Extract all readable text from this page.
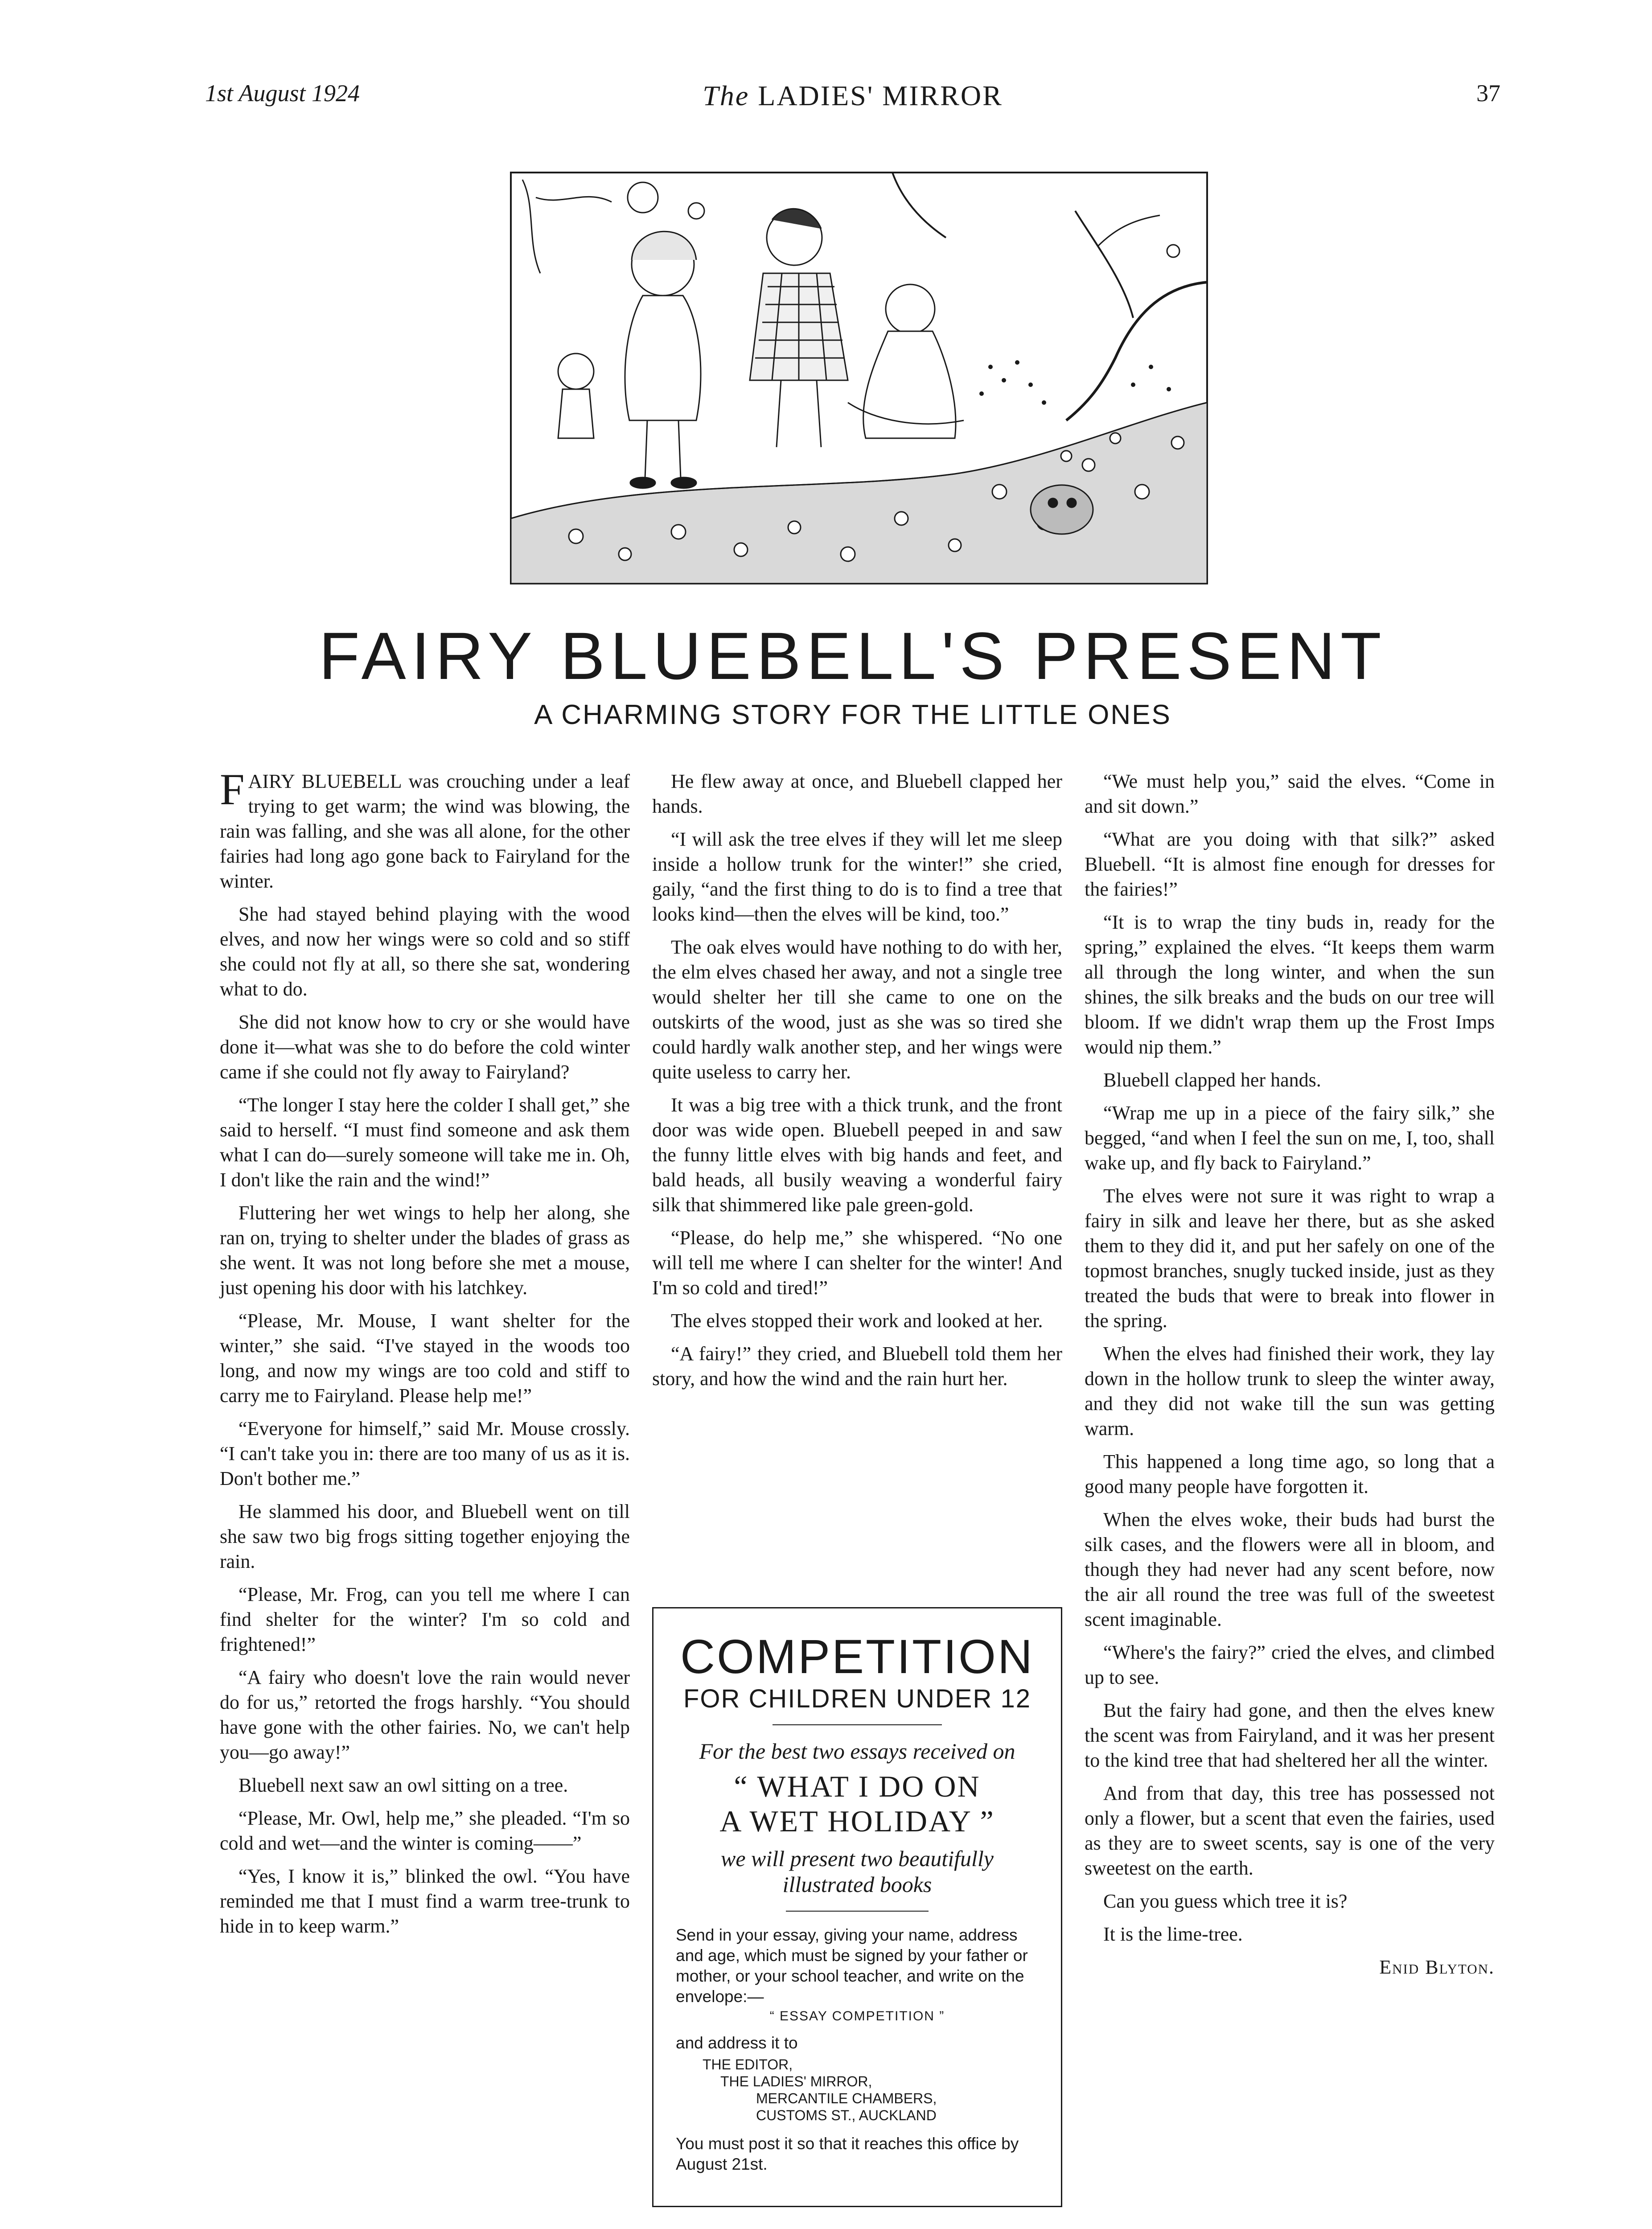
1st August 1924	The LADIES' MIRROR	37
FAIRY BLUEBELL'S PRESENT
A CHARMING STORY FOR THE LITTLE ONES

FAIRY BLUEBELL was crouching under a leaf trying to get warm; the wind was blowing, the rain was falling, and she was all alone, for the other fairies had long ago gone back to Fairyland for the winter.

She had stayed behind playing with the wood elves, and now her wings were so cold and so stiff she could not fly at all, so there she sat, wondering what to do.

She did not know how to cry or she would have done it—what was she to do before the cold winter came if she could not fly away to Fairyland?

“The longer I stay here the colder I shall get,” she said to herself. “I must find someone and ask them what I can do—surely someone will take me in. Oh, I don't like the rain and the wind!”

Fluttering her wet wings to help her along, she ran on, trying to shelter under the blades of grass as she went. It was not long before she met a mouse, just opening his door with his latchkey.

“Please, Mr. Mouse, I want shelter for the winter,” she said. “I've stayed in the woods too long, and now my wings are too cold and stiff to carry me to Fairyland. Please help me!”

“Everyone for himself,” said Mr. Mouse crossly. “I can't take you in: there are too many of us as it is. Don't bother me.”

He slammed his door, and Bluebell went on till she saw two big frogs sitting together enjoying the rain.

“Please, Mr. Frog, can you tell me where I can find shelter for the winter? I'm so cold and frightened!”

“A fairy who doesn't love the rain would never do for us,” retorted the frogs harshly. “You should have gone with the other fairies. No, we can't help you—go away!”

Bluebell next saw an owl sitting on a tree.

“Please, Mr. Owl, help me,” she pleaded. “I'm so cold and wet—and the winter is coming——”

“Yes, I know it is,” blinked the owl. “You have reminded me that I must find a warm tree-trunk to hide in to keep warm.”

He flew away at once, and Bluebell clapped her hands.

“I will ask the tree elves if they will let me sleep inside a hollow trunk for the winter!” she cried, gaily, “and the first thing to do is to find a tree that looks kind—then the elves will be kind, too.”

The oak elves would have nothing to do with her, the elm elves chased her away, and not a single tree would shelter her till she came to one on the outskirts of the wood, just as she was so tired she could hardly walk another step, and her wings were quite useless to carry her.

It was a big tree with a thick trunk, and the front door was wide open. Bluebell peeped in and saw the funny little elves with big hands and feet, and bald heads, all busily weaving a wonderful fairy silk that shimmered like pale green-gold.

“Please, do help me,” she whispered. “No one will tell me where I can shelter for the winter! And I'm so cold and tired!”

The elves stopped their work and looked at her.

“A fairy!” they cried, and Bluebell told them her story, and how the wind and the rain hurt her.

COMPETITION
FOR CHILDREN UNDER 12
For the best two essays received on
“ WHAT I DO ON
A WET HOLIDAY ”
we will present two beautifully
illustrated books
Send in your essay, giving your name, address and age, which must be signed by your father or mother, or your school teacher, and write on the envelope:—
“ ESSAY COMPETITION ”
and address it to
THE EDITOR,
THE LADIES' MIRROR,
MERCANTILE CHAMBERS,
CUSTOMS ST., AUCKLAND
You must post it so that it reaches this office by August 21st.

“We must help you,” said the elves. “Come in and sit down.”

“What are you doing with that silk?” asked Bluebell. “It is almost fine enough for dresses for the fairies!”

“It is to wrap the tiny buds in, ready for the spring,” explained the elves. “It keeps them warm all through the long winter, and when the sun shines, the silk breaks and the buds on our tree will bloom. If we didn't wrap them up the Frost Imps would nip them.”

Bluebell clapped her hands.

“Wrap me up in a piece of the fairy silk,” she begged, “and when I feel the sun on me, I, too, shall wake up, and fly back to Fairyland.”

The elves were not sure it was right to wrap a fairy in silk and leave her there, but as she asked them to they did it, and put her safely on one of the topmost branches, snugly tucked inside, just as they treated the buds that were to break into flower in the spring.

When the elves had finished their work, they lay down in the hollow trunk to sleep the winter away, and they did not wake till the sun was getting warm.

This happened a long time ago, so long that a good many people have forgotten it.

When the elves woke, their buds had burst the silk cases, and the flowers were all in bloom, and though they had never had any scent before, now the air all round the tree was full of the sweetest scent imaginable.

“Where's the fairy?” cried the elves, and climbed up to see.

But the fairy had gone, and then the elves knew the scent was from Fairyland, and it was her present to the kind tree that had sheltered her all the winter.

And from that day, this tree has possessed not only a flower, but a scent that even the fairies, used as they are to sweet scents, say is one of the very sweetest on the earth.

Can you guess which tree it is?

It is the lime-tree.

Enid Blyton.
